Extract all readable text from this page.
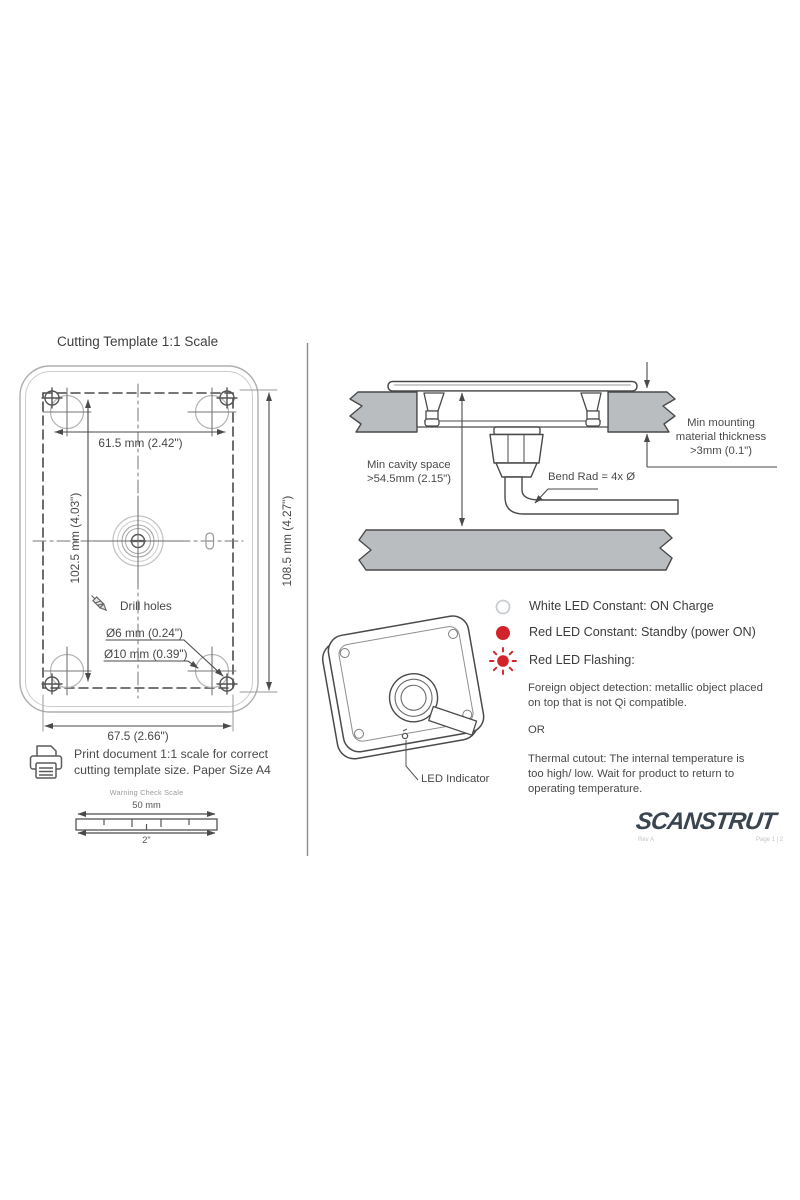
Cutting Template 1:1 Scale
61.5 mm (2.42")
102.5 mm (4.03")	108.5 mm (4.27")
Drill holes
Ø6 mm (0.24")
Ø10 mm (0.39")
67.5 (2.66")
Print document 1:1 scale for correct
cutting template size. Paper Size A4
Warning Check Scale
50 mm
2"
Min cavity space
>54.5mm (2.15")	Bend Rad = 4x Ø
Min mounting
material thickness
>3mm (0.1")
LED Indicator
White LED Constant: ON Charge
Red LED Constant: Standby (power ON)
Red LED Flashing:
Foreign object detection: metallic object placed
on top that is not Qi compatible.
OR
Thermal cutout: The internal temperature is
too high/ low. Wait for product to return to
operating temperature.
SCANSTRUT
Rev A	Page 1 | 2
